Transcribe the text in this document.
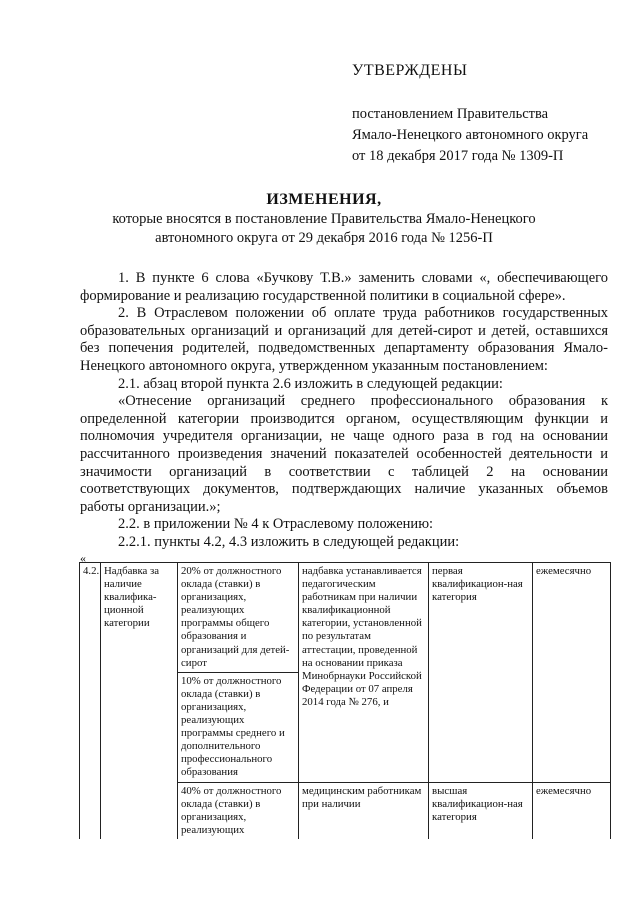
УТВЕРЖДЕНЫ
постановлением Правительства
Ямало-Ненецкого автономного округа
от 18 декабря 2017 года № 1309-П
ИЗМЕНЕНИЯ,
которые вносятся в постановление Правительства Ямало-Ненецкого
автономного округа от 29 декабря 2016 года № 1256-П

1. В пункте 6 слова «Бучкову Т.В.» заменить словами «, обеспечивающего формирование и реализацию государственной политики в социальной сфере».

2. В Отраслевом положении об оплате труда работников государственных образовательных организаций и организаций для детей-сирот и детей, оставшихся без попечения родителей, подведомственных департаменту образования Ямало-Ненецкого автономного округа, утвержденном указанным постановлением:

2.1. абзац второй пункта 2.6 изложить в следующей редакции:

«Отнесение организаций среднего профессионального образования к определенной категории производится органом, осуществляющим функции и полномочия учредителя организации, не чаще одного раза в год на основании рассчитанного произведения значений показателей особенностей деятельности и значимости организаций в соответствии с таблицей 2 на основании соответствующих документов, подтверждающих наличие указанных объемов работы организации.»;

2.2. в приложении № 4 к Отраслевому положению:

2.2.1. пункты 4.2, 4.3 изложить в следующей редакции:

«
4.2.	Надбавка за наличие квалифика-ционной категории	20% от должностного оклада (ставки) в организациях, реализующих программы общего образования и организаций для детей-сирот	надбавка устанавливается педагогическим работникам при наличии квалификационной категории, установленной по результатам аттестации, проведенной на основании приказа Минобрнауки Российской Федерации от 07 апреля 2014 года № 276, и	первая квалификацион-ная категория	ежемесячно
		10% от должностного оклада (ставки) в организациях, реализующих программы среднего и дополнительного профессионального образования			
		40% от должностного оклада (ставки) в организациях, реализующих	медицинским работникам при наличии	высшая квалификацион-ная категория	ежемесячно
